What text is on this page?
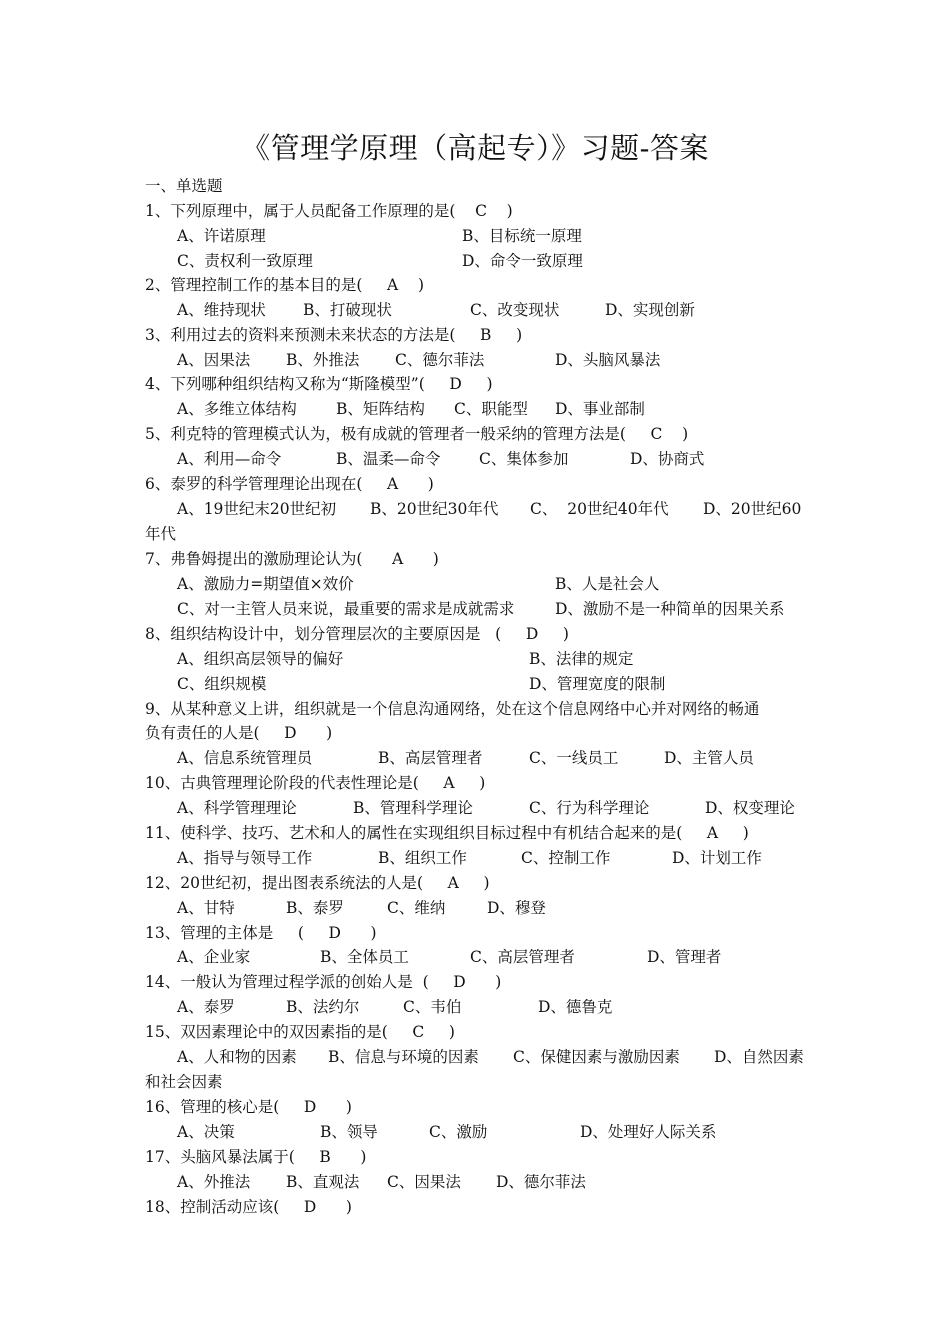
《管理学原理（高起专）》习题-答案
一、单选题
1、下列原理中，属于人员配备工作原理的是(    C    )
A、许诺原理	B、目标统一原理
C、责权利一致原理	D、命令一致原理
2、管理控制工作的基本目的是(     A    )
A、维持现状 B、打破现状	C、改变现状	D、实现创新
3、利用过去的资料来预测未来状态的方法是(     B     )
A、因果法 B、外推法 C、德尔菲法	D、头脑风暴法
4、下列哪种组织结构又称为“斯隆模型”(     D     )
A、多维立体结构	B、矩阵结构 C、职能型 D、事业部制
5、利克特的管理模式认为，极有成就的管理者一般采纳的管理方法是(     C    )
A、利用—命令	B、温柔—命令 C、集体参加	D、协商式
6、泰罗的科学管理理论出现在(     A      )
A、19世纪末20世纪初 B、20世纪30年代 C、  20世纪40年代 D、20世纪60
年代
7、弗鲁姆提出的激励理论认为(      A      )
A、激励力=期望值×效价	B、人是社会人
C、对一主管人员来说，最重要的需求是成就需求	D、激励不是一种简单的因果关系
8、组织结构设计中，划分管理层次的主要原因是   (     D     )
A、组织高层领导的偏好	B、法律的规定
C、组织规模	D、管理宽度的限制
9、从某种意义上讲，组织就是一个信息沟通网络，处在这个信息网络中心并对网络的畅通
负有责任的人是(     D      )
A、信息系统管理员	B、高层管理者	C、一线员工	D、主管人员
10、古典管理理论阶段的代表性理论是(     A     )
A、科学管理理论	B、管理科学理论	C、行为科学理论	D、权变理论
11、使科学、技巧、艺术和人的属性在实现组织目标过程中有机结合起来的是(     A     )
A、指导与领导工作	B、组织工作	C、控制工作	D、计划工作
12、20世纪初，提出图表系统法的人是(     A     )
A、甘特	B、泰罗	C、维纳	D、穆登
13、管理的主体是     (     D      )
A、企业家	B、全体员工	C、高层管理者	D、管理者
14、一般认为管理过程学派的创始人是  (     D      )
A、泰罗	B、法约尔	C、韦伯	D、德鲁克
15、双因素理论中的双因素指的是(     C     )
A、人和物的因素 B、信息与环境的因素 C、保健因素与激励因素 D、自然因素
和社会因素
16、管理的核心是(     D      )
A、决策	B、领导	C、激励	D、处理好人际关系
17、头脑风暴法属于(     B      )
A、外推法 B、直观法 C、因果法 D、德尔菲法
18、控制活动应该(     D      )
